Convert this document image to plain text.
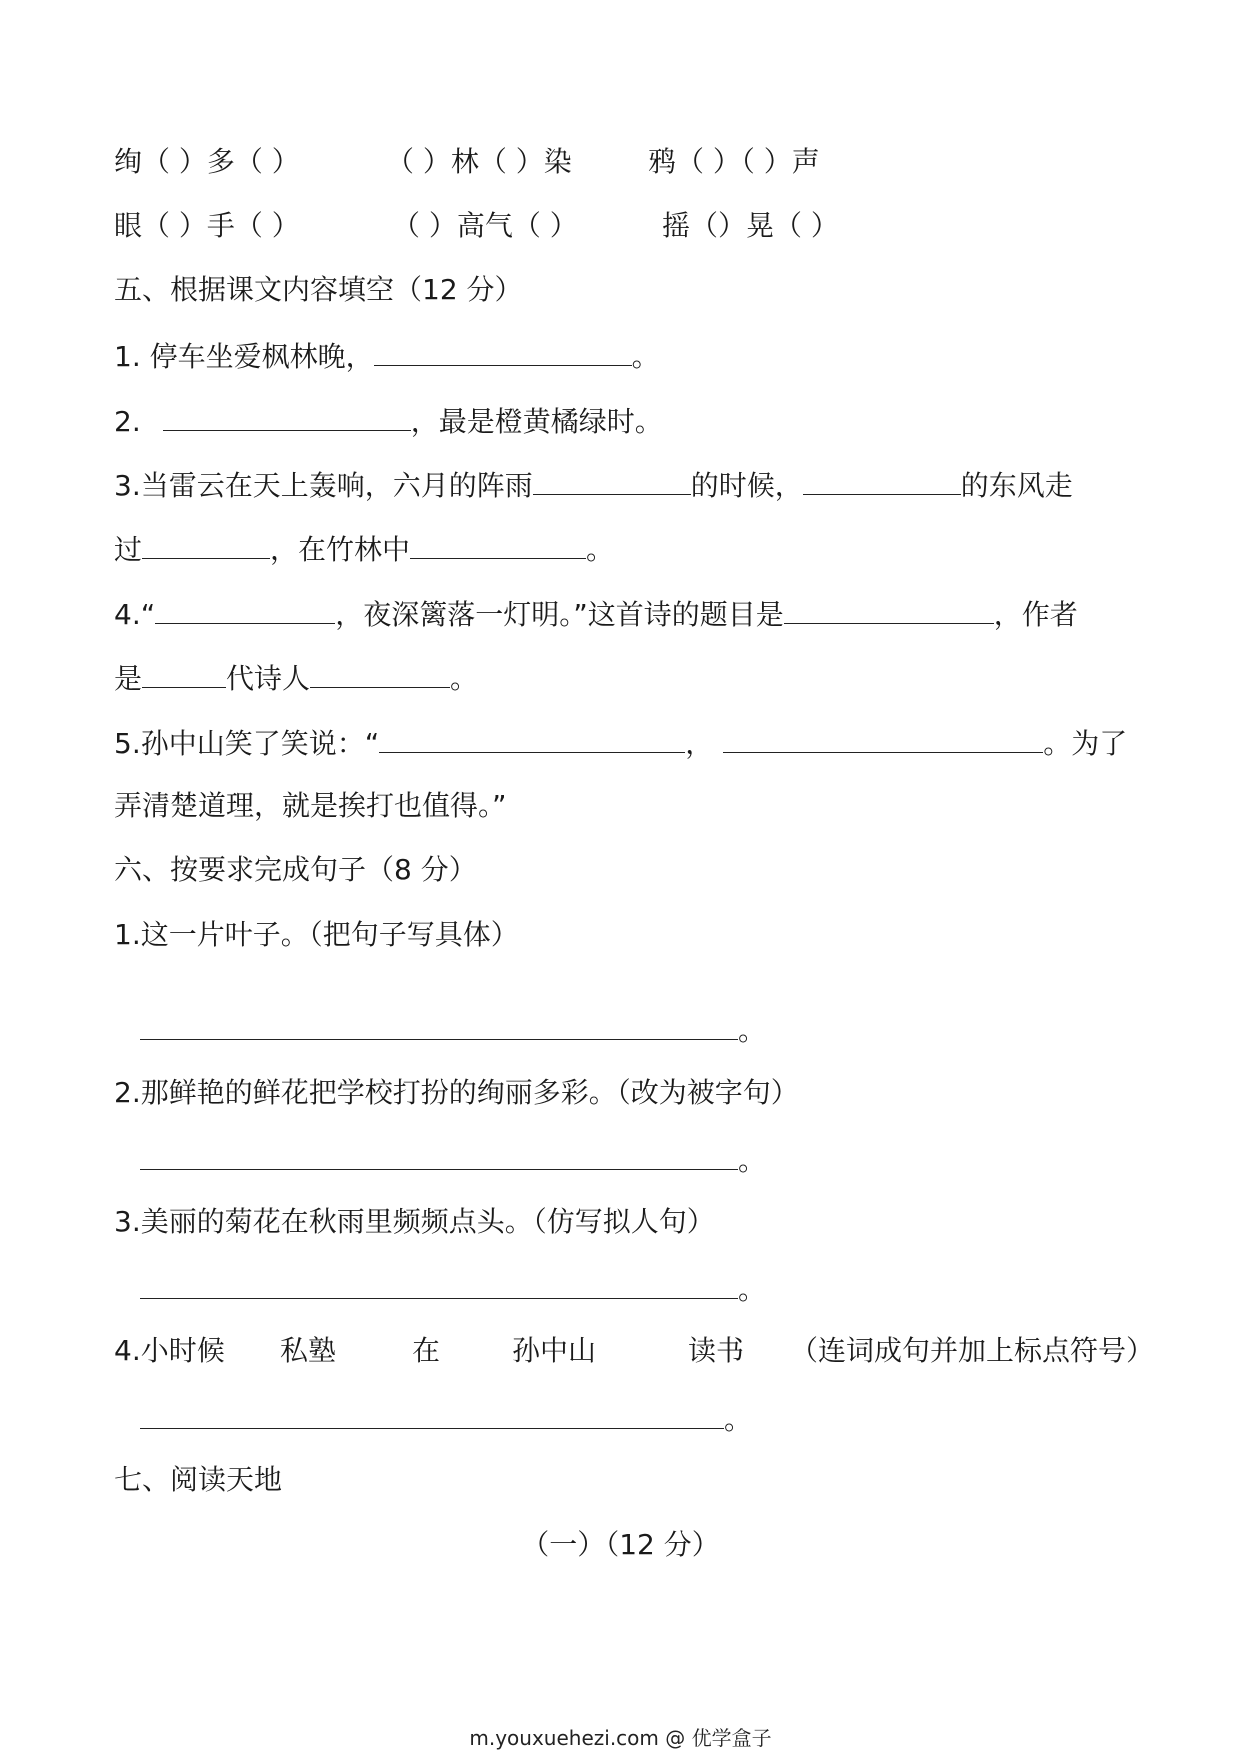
绚（ ）多（ ）	（ ）林（ ）染	鸦（ ）（ ）声
眼（ ）手（ ）	（ ）高气（ ）	摇（）晃（ ）
五、根据课文内容填空（12 分）
1. 停车坐爱枫林晚，	。
2.	，最是橙黄橘绿时。
3.当雷云在天上轰响，六月的阵雨	的时候，	的东风走
过	，在竹林中	。
4.“	，夜深篱落一灯明。”这首诗的题目是	，作者
是	代诗人	。
5.孙中山笑了笑说：“	，	。为了
弄清楚道理，就是挨打也值得。”
六、按要求完成句子（8 分）
1.这一片叶子。（把句子写具体）
。
2.那鲜艳的鲜花把学校打扮的绚丽多彩。（改为被字句）
。
3.美丽的菊花在秋雨里频频点头。（仿写拟人句）
。
4.小时候 私塾	在	孙中山	读书 （连词成句并加上标点符号）
。
七、阅读天地
（一）（12 分）
m.youxuehezi.com @ 优学盒子
